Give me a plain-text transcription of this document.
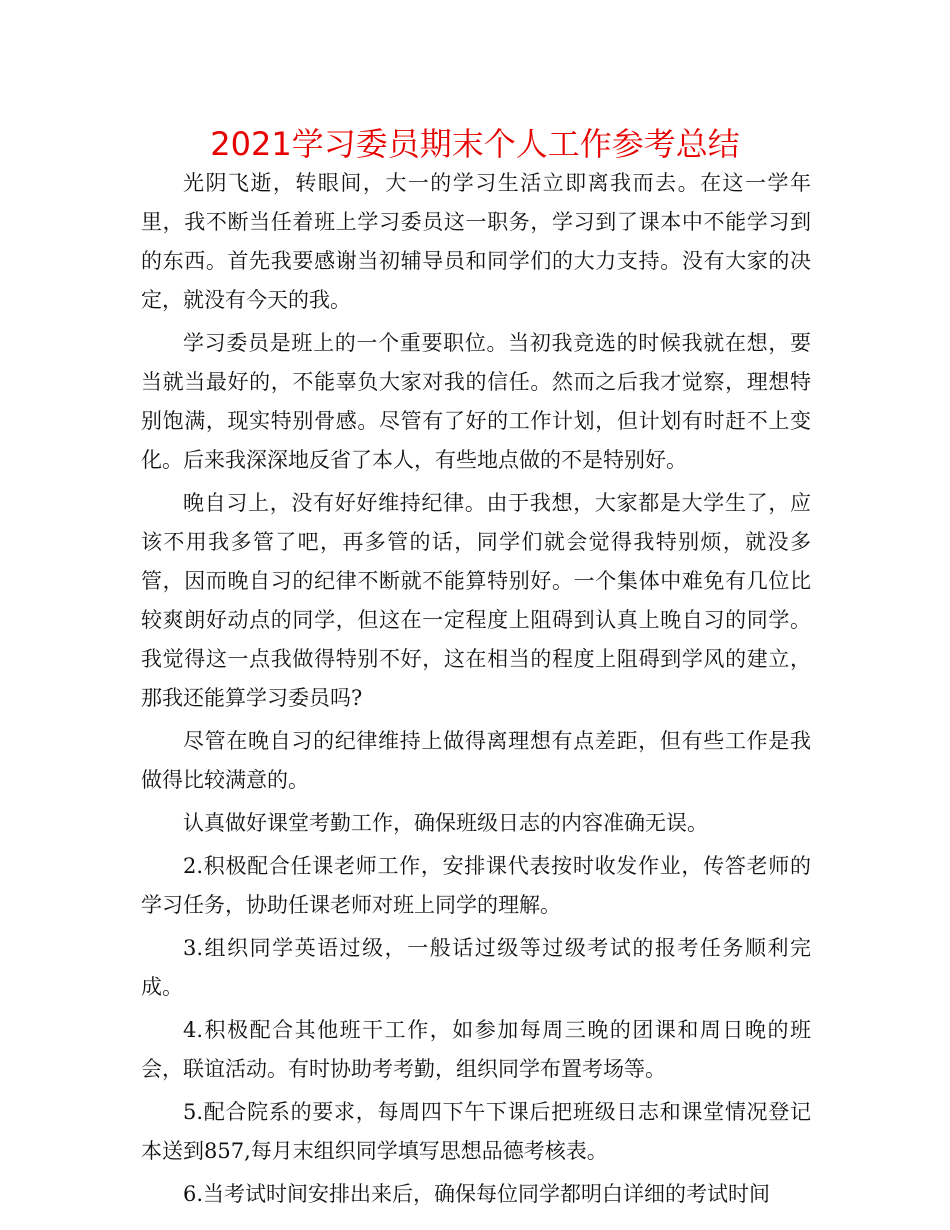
2021学习委员期末个人工作参考总结

光阴飞逝，转眼间，大一的学习生活立即离我而去。在这一学年里，我不断当任着班上学习委员这一职务，学习到了课本中不能学习到的东西。首先我要感谢当初辅导员和同学们的大力支持。没有大家的决定，就没有今天的我。

学习委员是班上的一个重要职位。当初我竞选的时候我就在想，要当就当最好的，不能辜负大家对我的信任。然而之后我才觉察，理想特别饱满，现实特别骨感。尽管有了好的工作计划，但计划有时赶不上变化。后来我深深地反省了本人，有些地点做的不是特别好。

晚自习上，没有好好维持纪律。由于我想，大家都是大学生了，应该不用我多管了吧，再多管的话，同学们就会觉得我特别烦，就没多管，因而晚自习的纪律不断就不能算特别好。一个集体中难免有几位比较爽朗好动点的同学，但这在一定程度上阻碍到认真上晚自习的同学。我觉得这一点我做得特别不好，这在相当的程度上阻碍到学风的建立，那我还能算学习委员吗?

尽管在晚自习的纪律维持上做得离理想有点差距，但有些工作是我做得比较满意的。

认真做好课堂考勤工作，确保班级日志的内容准确无误。

2.积极配合任课老师工作，安排课代表按时收发作业，传答老师的学习任务，协助任课老师对班上同学的理解。

3.组织同学英语过级，一般话过级等过级考试的报考任务顺利完成。

4.积极配合其他班干工作，如参加每周三晚的团课和周日晚的班会，联谊活动。有时协助考考勤，组织同学布置考场等。

5.配合院系的要求，每周四下午下课后把班级日志和课堂情况登记本送到857,每月末组织同学填写思想品德考核表。

6.当考试时间安排出来后，确保每位同学都明白详细的考试时间
